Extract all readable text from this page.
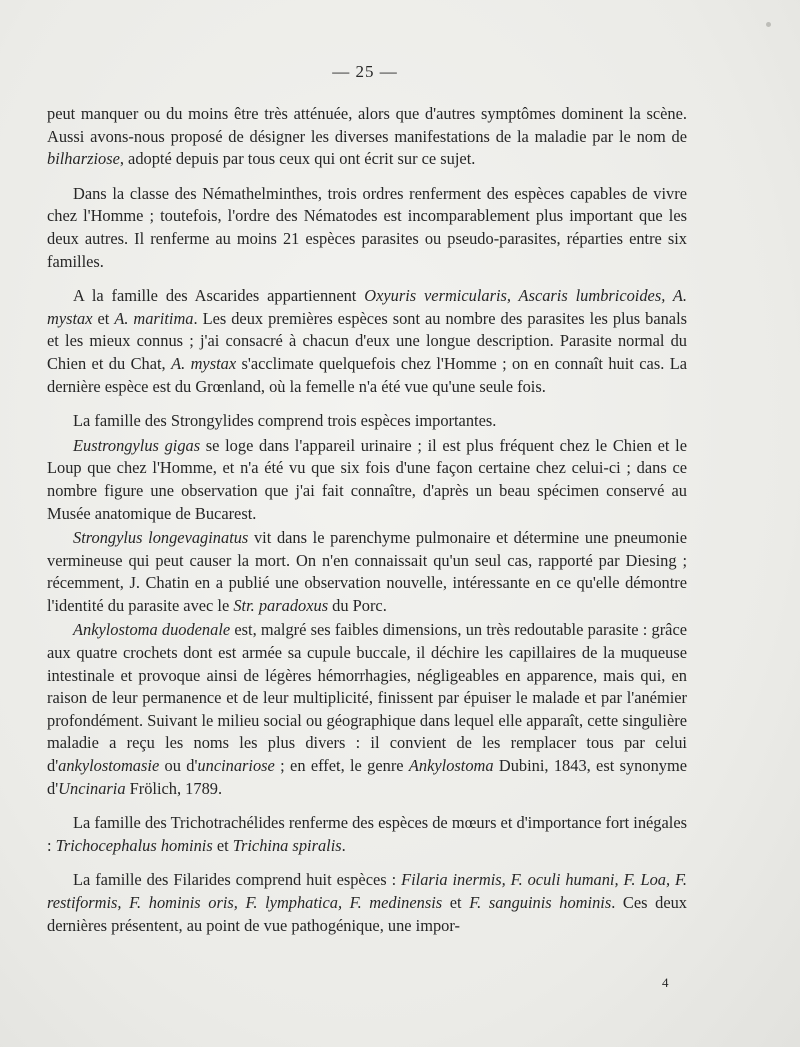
— 25 —

peut manquer ou du moins être très atténuée, alors que d'autres symptômes dominent la scène. Aussi avons-nous proposé de désigner les diverses manifestations de la maladie par le nom de bilharziose, adopté depuis par tous ceux qui ont écrit sur ce sujet.

Dans la classe des Némathelminthes, trois ordres renferment des espèces capables de vivre chez l'Homme ; toutefois, l'ordre des Nématodes est incomparablement plus important que les deux autres. Il renferme au moins 21 espèces parasites ou pseudo-parasites, réparties entre six familles.

A la famille des Ascarides appartiennent Oxyuris vermicularis, Ascaris lumbricoides, A. mystax et A. maritima. Les deux premières espèces sont au nombre des parasites les plus banals et les mieux connus ; j'ai consacré à chacun d'eux une longue description. Parasite normal du Chien et du Chat, A. mystax s'acclimate quelquefois chez l'Homme ; on en connaît huit cas. La dernière espèce est du Grœnland, où la femelle n'a été vue qu'une seule fois.

La famille des Strongylides comprend trois espèces importantes.

Eustrongylus gigas se loge dans l'appareil urinaire ; il est plus fréquent chez le Chien et le Loup que chez l'Homme, et n'a été vu que six fois d'une façon certaine chez celui-ci ; dans ce nombre figure une observation que j'ai fait connaître, d'après un beau spécimen conservé au Musée anatomique de Bucarest.

Strongylus longevaginatus vit dans le parenchyme pulmonaire et détermine une pneumonie vermineuse qui peut causer la mort. On n'en connaissait qu'un seul cas, rapporté par Diesing ; récemment, J. Chatin en a publié une observation nouvelle, intéressante en ce qu'elle démontre l'identité du parasite avec le Str. paradoxus du Porc.

Ankylostoma duodenale est, malgré ses faibles dimensions, un très redoutable parasite : grâce aux quatre crochets dont est armée sa cupule buccale, il déchire les capillaires de la muqueuse intestinale et provoque ainsi de légères hémorrhagies, négligeables en apparence, mais qui, en raison de leur permanence et de leur multiplicité, finissent par épuiser le malade et par l'anémier profondément. Suivant le milieu social ou géographique dans lequel elle apparaît, cette singulière maladie a reçu les noms les plus divers : il convient de les remplacer tous par celui d'ankylostomasie ou d'uncinariose ; en effet, le genre Ankylostoma Dubini, 1843, est synonyme d'Uncinaria Frölich, 1789.

La famille des Trichotrachélides renferme des espèces de mœurs et d'importance fort inégales : Trichocephalus hominis et Trichina spiralis.

La famille des Filarides comprend huit espèces : Filaria inermis, F. oculi humani, F. Loa, F. restiformis, F. hominis oris, F. lymphatica, F. medinensis et F. sanguinis hominis. Ces deux dernières présentent, au point de vue pathogénique, une impor-

4
